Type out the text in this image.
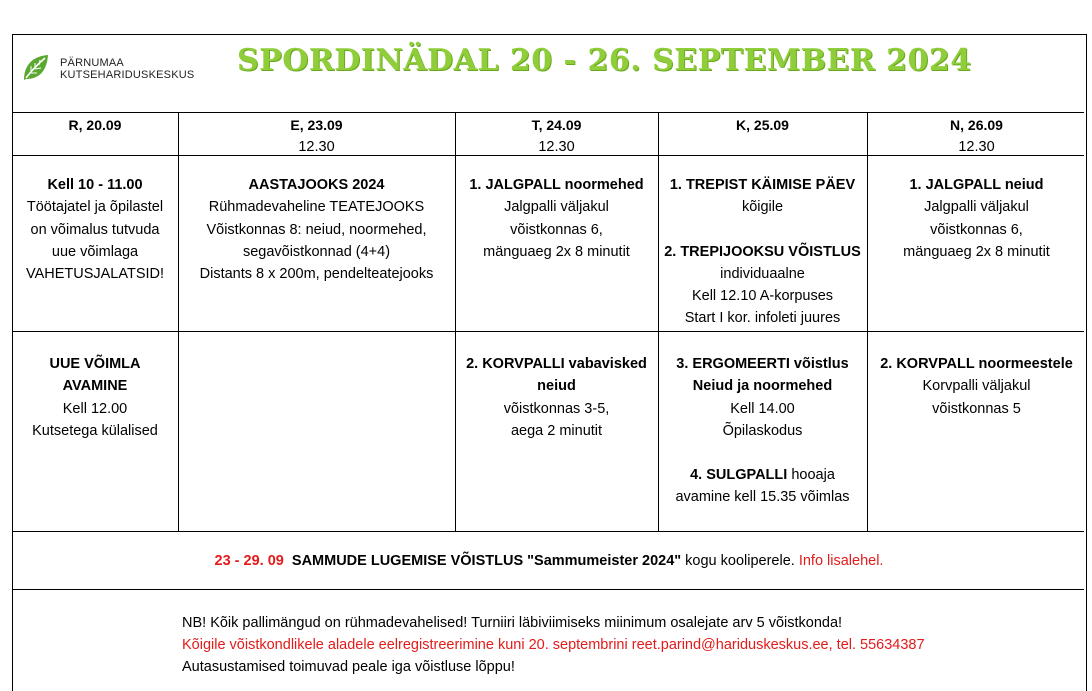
PÄRNUMAA
KUTSEHARIDUSKESKUS SPORDINÄDAL 20 - 26. SEPTEMBER 2024
R, 20.09	E, 23.09
12.30
T, 24.09
12.30
K, 25.09	N, 26.09
12.30
Kell 10 - 11.00
Töötajatel ja õpilastel
on võimalus tutvuda
uue võimlaga
VAHETUSJALATSID!
AASTAJOOKS 2024
Rühmadevaheline TEATEJOOKS
Võistkonnas 8: neiud, noormehed,
segavõistkonnad (4+4)
Distants 8 x 200m, pendelteatejooks
1. JALGPALL noormehed
Jalgpalli väljakul
võistkonnas 6,
mänguaeg 2x 8 minutit
1. TREPIST KÄIMISE PÄEV
kõigile
2. TREPIJOOKSU VÕISTLUS
individuaalne
Kell 12.10 A-korpuses
Start I kor. infoleti juures
1. JALGPALL neiud
Jalgpalli väljakul
võistkonnas 6,
mänguaeg 2x 8 minutit
UUE VÕIMLA
AVAMINE
Kell 12.00
Kutsetega külalised
2. KORVPALLI vabavisked
neiud
võistkonnas 3-5,
aega 2 minutit
3. ERGOMEERTI võistlus
Neiud ja noormehed
Kell 14.00
Õpilaskodus
4. SULGPALLI hooaja
avamine kell 15.35 võimlas
2. KORVPALL noormeestele
Korvpalli väljakul
võistkonnas 5
23 - 29. 09 SAMMUDE LUGEMISE VÕISTLUS "Sammumeister 2024" kogu kooliperele. Info lisalehel.
NB! Kõik pallimängud on rühmadevahelised! Turniiri läbiviimiseks miinimum osalejate arv 5 võistkonda!
Kõigile võistkondlikele aladele eelregistreerimine kuni 20. septembrini reet.parind@hariduskeskus.ee, tel. 55634387
Autasustamised toimuvad peale iga võistluse lõppu!
